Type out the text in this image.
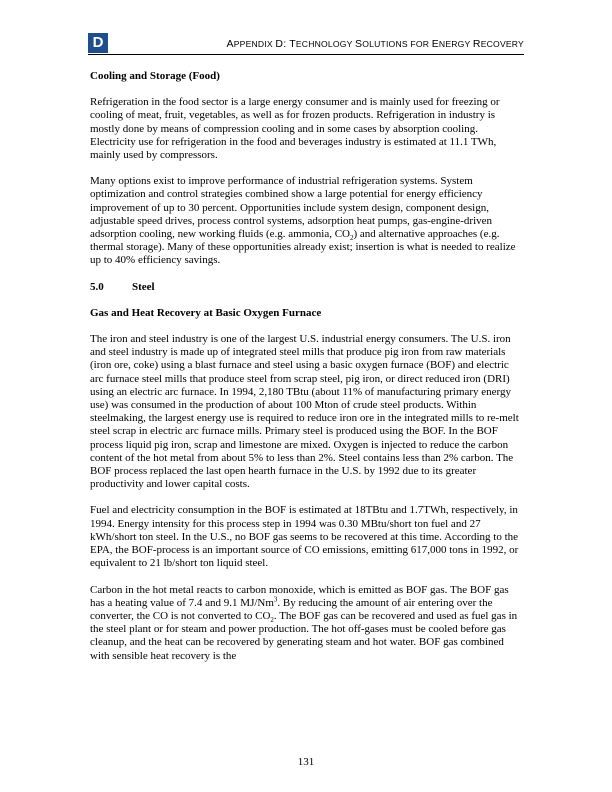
D	APPENDIX D: TECHNOLOGY SOLUTIONS FOR ENERGY RECOVERY
Cooling and Storage (Food)
Refrigeration in the food sector is a large energy consumer and is mainly used for freezing or cooling of meat, fruit, vegetables, as well as for frozen products. Refrigeration in industry is mostly done by means of compression cooling and in some cases by absorption cooling. Electricity use for refrigeration in the food and beverages industry is estimated at 11.1 TWh, mainly used by compressors.
Many options exist to improve performance of industrial refrigeration systems. System optimization and control strategies combined show a large potential for energy efficiency improvement of up to 30 percent. Opportunities include system design, component design, adjustable speed drives, process control systems, adsorption heat pumps, gas-engine-driven adsorption cooling, new working fluids (e.g. ammonia, $CO_2$) and alternative approaches (e.g. thermal storage). Many of these opportunities already exist; insertion is what is needed to realize up to 40% efficiency savings.
5.0	Steel
Gas and Heat Recovery at Basic Oxygen Furnace
The iron and steel industry is one of the largest U.S. industrial energy consumers. The U.S. iron and steel industry is made up of integrated steel mills that produce pig iron from raw materials (iron ore, coke) using a blast furnace and steel using a basic oxygen furnace (BOF) and electric arc furnace steel mills that produce steel from scrap steel, pig iron, or direct reduced iron (DRI) using an electric arc furnace. In 1994, 2,180 TBtu (about 11% of manufacturing primary energy use) was consumed in the production of about 100 Mton of crude steel products. Within steelmaking, the largest energy use is required to reduce iron ore in the integrated mills to re-melt steel scrap in electric arc furnace mills. Primary steel is produced using the BOF. In the BOF process liquid pig iron, scrap and limestone are mixed. Oxygen is injected to reduce the carbon content of the hot metal from about 5% to less than 2%. Steel contains less than 2% carbon. The BOF process replaced the last open hearth furnace in the U.S. by 1992 due to its greater productivity and lower capital costs.
Fuel and electricity consumption in the BOF is estimated at 18TBtu and 1.7TWh, respectively, in 1994. Energy intensity for this process step in 1994 was 0.30 MBtu/short ton fuel and 27 kWh/short ton steel. In the U.S., no BOF gas seems to be recovered at this time. According to the EPA, the BOF-process is an important source of CO emissions, emitting 617,000 tons in 1992, or equivalent to 21 lb/short ton liquid steel.
Carbon in the hot metal reacts to carbon monoxide, which is emitted as BOF gas. The BOF gas has a heating value of 7.4 and 9.1 MJ/Nm$^3$. By reducing the amount of air entering over the converter, the CO is not converted to $CO_2$. The BOF gas can be recovered and used as fuel gas in the steel plant or for steam and power production. The hot off-gases must be cooled before gas cleanup, and the heat can be recovered by generating steam and hot water. BOF gas combined with sensible heat recovery is the
131
